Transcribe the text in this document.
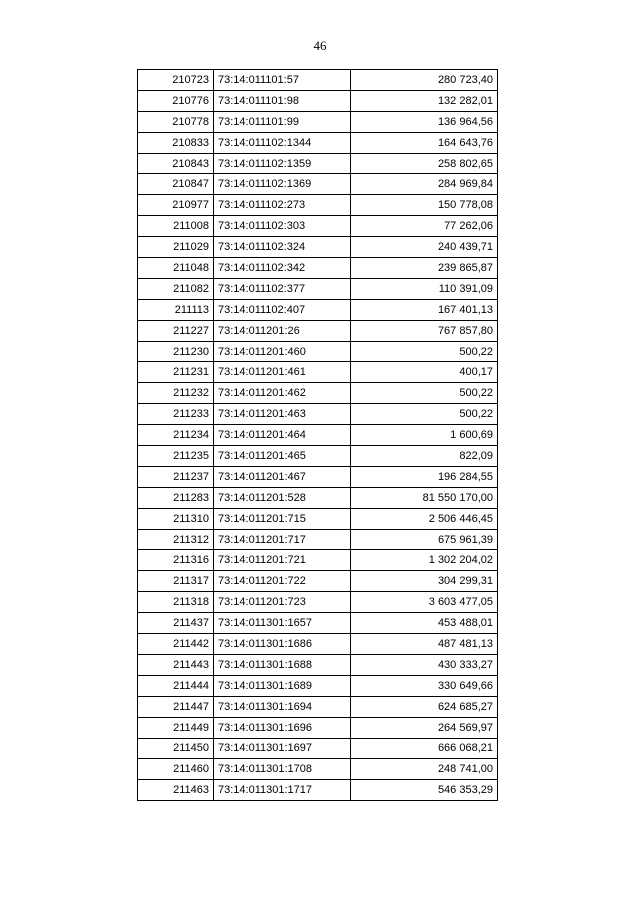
46
210723	73:14:011101:57	280 723,40
210776	73:14:011101:98	132 282,01
210778	73:14:011101:99	136 964,56
210833	73:14:011102:1344	164 643,76
210843	73:14:011102:1359	258 802,65
210847	73:14:011102:1369	284 969,84
210977	73:14:011102:273	150 778,08
211008	73:14:011102:303	77 262,06
211029	73:14:011102:324	240 439,71
211048	73:14:011102:342	239 865,87
211082	73:14:011102:377	110 391,09
211113	73:14:011102:407	167 401,13
211227	73:14:011201:26	767 857,80
211230	73:14:011201:460	500,22
211231	73:14:011201:461	400,17
211232	73:14:011201:462	500,22
211233	73:14:011201:463	500,22
211234	73:14:011201:464	1 600,69
211235	73:14:011201:465	822,09
211237	73:14:011201:467	196 284,55
211283	73:14:011201:528	81 550 170,00
211310	73:14:011201:715	2 506 446,45
211312	73:14:011201:717	675 961,39
211316	73:14:011201:721	1 302 204,02
211317	73:14:011201:722	304 299,31
211318	73:14:011201:723	3 603 477,05
211437	73:14:011301:1657	453 488,01
211442	73:14:011301:1686	487 481,13
211443	73:14:011301:1688	430 333,27
211444	73:14:011301:1689	330 649,66
211447	73:14:011301:1694	624 685,27
211449	73:14:011301:1696	264 569,97
211450	73:14:011301:1697	666 068,21
211460	73:14:011301:1708	248 741,00
211463	73:14:011301:1717	546 353,29
